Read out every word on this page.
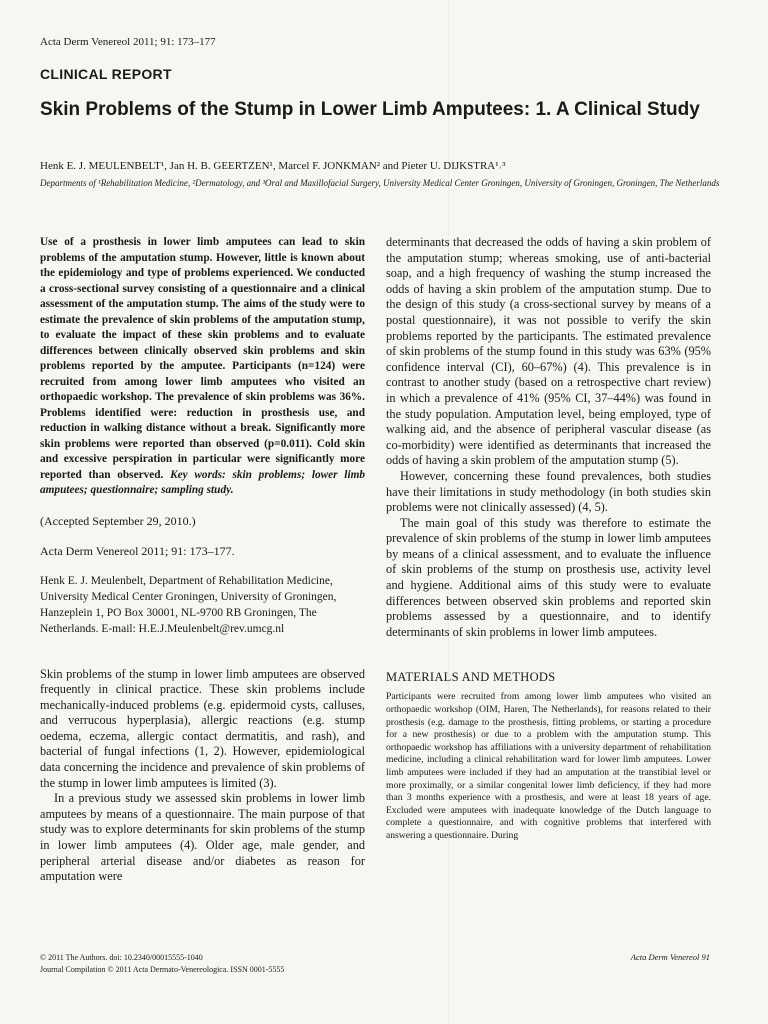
Acta Derm Venereol 2011; 91: 173–177
CLINICAL REPORT
Skin Problems of the Stump in Lower Limb Amputees: 1. A Clinical Study
Henk E. J. MEULENBELT¹, Jan H. B. GEERTZEN¹, Marcel F. JONKMAN² and Pieter U. DIJKSTRA¹˒³
Departments of ¹Rehabilitation Medicine, ²Dermatology, and ³Oral and Maxillofacial Surgery, University Medical Center Groningen, University of Groningen, Groningen, The Netherlands

Use of a prosthesis in lower limb amputees can lead to skin problems of the amputation stump. However, little is known about the epidemiology and type of problems experienced. We conducted a cross-sectional survey consisting of a questionnaire and a clinical assessment of the amputation stump. The aims of the study were to estimate the prevalence of skin problems of the amputation stump, to evaluate the impact of these skin problems and to evaluate differences between clinically observed skin problems and skin problems reported by the amputee. Participants (n=124) were recruited from among lower limb amputees who visited an orthopaedic workshop. The prevalence of skin problems was 36%. Problems identified were: reduction in prosthesis use, and reduction in walking distance without a break. Significantly more skin problems were reported than observed (p=0.011). Cold skin and excessive perspiration in particular were significantly more reported than observed. Key words: skin problems; lower limb amputees; questionnaire; sampling study.

(Accepted September 29, 2010.)

Acta Derm Venereol 2011; 91: 173–177.

Henk E. J. Meulenbelt, Department of Rehabilitation Medicine, University Medical Center Groningen, University of Groningen, Hanzeplein 1, PO Box 30001, NL-9700 RB Groningen, The Netherlands. E-mail: H.E.J.Meulenbelt@rev.umcg.nl

Skin problems of the stump in lower limb amputees are observed frequently in clinical practice. These skin problems include mechanically-induced problems (e.g. epidermoid cysts, calluses, and verrucous hyperplasia), allergic reactions (e.g. stump oedema, eczema, allergic contact dermatitis, and rash), and bacterial of fungal infections (1, 2). However, epidemiological data concerning the incidence and prevalence of skin problems of the stump in lower limb amputees is limited (3).

In a previous study we assessed skin problems in lower limb amputees by means of a questionnaire. The main purpose of that study was to explore determinants for skin problems of the stump in lower limb amputees (4). Older age, male gender, and peripheral arterial disease and/or diabetes as reason for amputation were

determinants that decreased the odds of having a skin problem of the amputation stump; whereas smoking, use of anti-bacterial soap, and a high frequency of washing the stump increased the odds of having a skin problem of the amputation stump. Due to the design of this study (a cross-sectional survey by means of a postal questionnaire), it was not possible to verify the skin problems reported by the participants. The estimated prevalence of skin problems of the stump found in this study was 63% (95% confidence interval (CI), 60–67%) (4). This prevalence is in contrast to another study (based on a retrospective chart review) in which a prevalence of 41% (95% CI, 37–44%) was found in the study population. Amputation level, being employed, type of walking aid, and the absence of peripheral vascular disease (as co-morbidity) were identified as determinants that increased the odds of having a skin problem of the amputation stump (5).

However, concerning these found prevalences, both studies have their limitations in study methodology (in both studies skin problems were not clinically assessed) (4, 5).

The main goal of this study was therefore to estimate the prevalence of skin problems of the stump in lower limb amputees by means of a clinical assessment, and to evaluate the influence of skin problems of the stump on prosthesis use, activity level and hygiene. Additional aims of this study were to evaluate differences between observed skin problems and reported skin problems assessed by a questionnaire, and to identify determinants of skin problems in lower limb amputees.

MATERIALS AND METHODS

Participants were recruited from among lower limb amputees who visited an orthopaedic workshop (OIM, Haren, The Netherlands), for reasons related to their prosthesis (e.g. damage to the prosthesis, fitting problems, or starting a procedure for a new prosthesis) or due to a problem with the amputation stump. This orthopaedic workshop has affiliations with a university department of rehabilitation medicine, including a clinical rehabilitation ward for lower limb amputees. Lower limb amputees were included if they had an amputation at the transtibial level or more proximally, or a similar congenital lower limb deficiency, if they had more than 3 months experience with a prosthesis, and were at least 18 years of age. Excluded were amputees with inadequate knowledge of the Dutch language to complete a questionnaire, and with cognitive problems that interfered with answering a questionnaire. During

© 2011 The Authors. doi: 10.2340/00015555-1040
Journal Compilation © 2011 Acta Dermato-Venereologica. ISSN 0001-5555
Acta Derm Venereol 91
